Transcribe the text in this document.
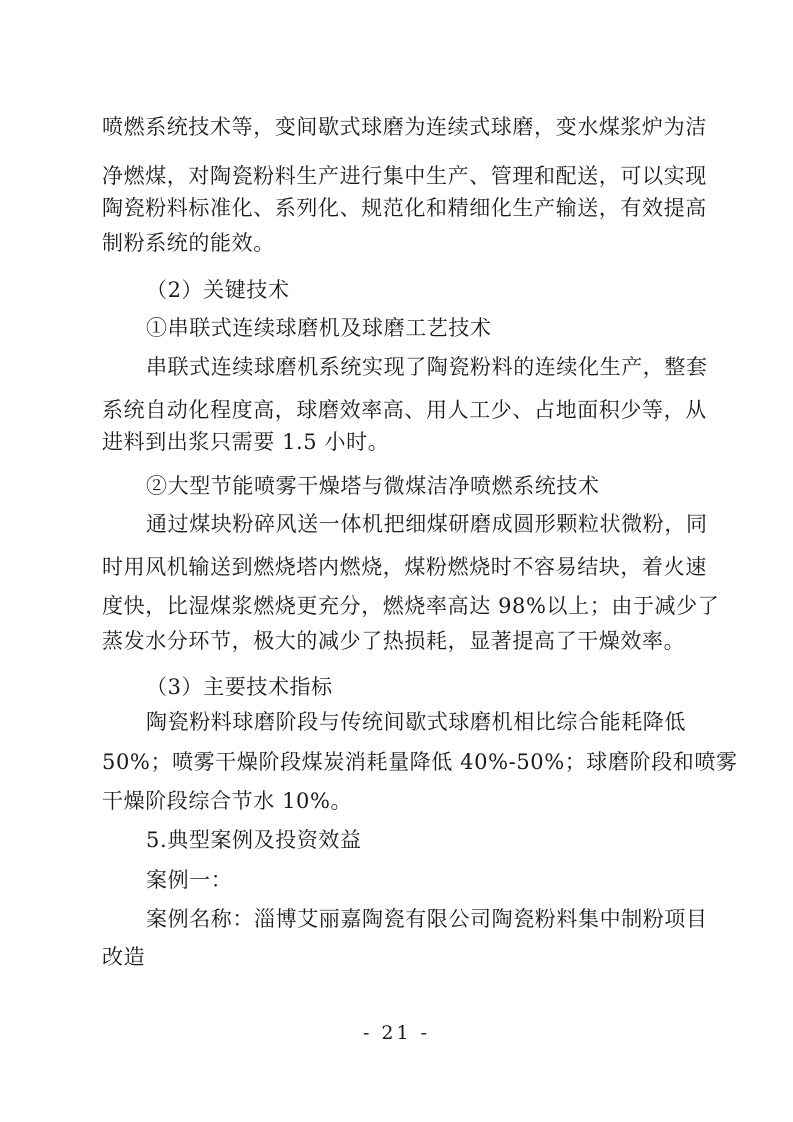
喷燃系统技术等，变间歇式球磨为连续式球磨，变水煤浆炉为洁
净燃煤，对陶瓷粉料生产进行集中生产、管理和配送，可以实现
陶瓷粉料标准化、系列化、规范化和精细化生产输送，有效提高
制粉系统的能效。
（2）关键技术
①串联式连续球磨机及球磨工艺技术
串联式连续球磨机系统实现了陶瓷粉料的连续化生产，整套
系统自动化程度高，球磨效率高、用人工少、占地面积少等，从
进料到出浆只需要 1.5 小时。
②大型节能喷雾干燥塔与微煤洁净喷燃系统技术
通过煤块粉碎风送一体机把细煤研磨成圆形颗粒状微粉，同
时用风机输送到燃烧塔内燃烧，煤粉燃烧时不容易结块，着火速
度快，比湿煤浆燃烧更充分，燃烧率高达 98%以上；由于减少了
蒸发水分环节，极大的减少了热损耗，显著提高了干燥效率。
（3）主要技术指标
陶瓷粉料球磨阶段与传统间歇式球磨机相比综合能耗降低
50%；喷雾干燥阶段煤炭消耗量降低 40%-50%；球磨阶段和喷雾
干燥阶段综合节水 10%。
5.典型案例及投资效益
案例一：
案例名称：淄博艾丽嘉陶瓷有限公司陶瓷粉料集中制粉项目
改造
- 21 -
